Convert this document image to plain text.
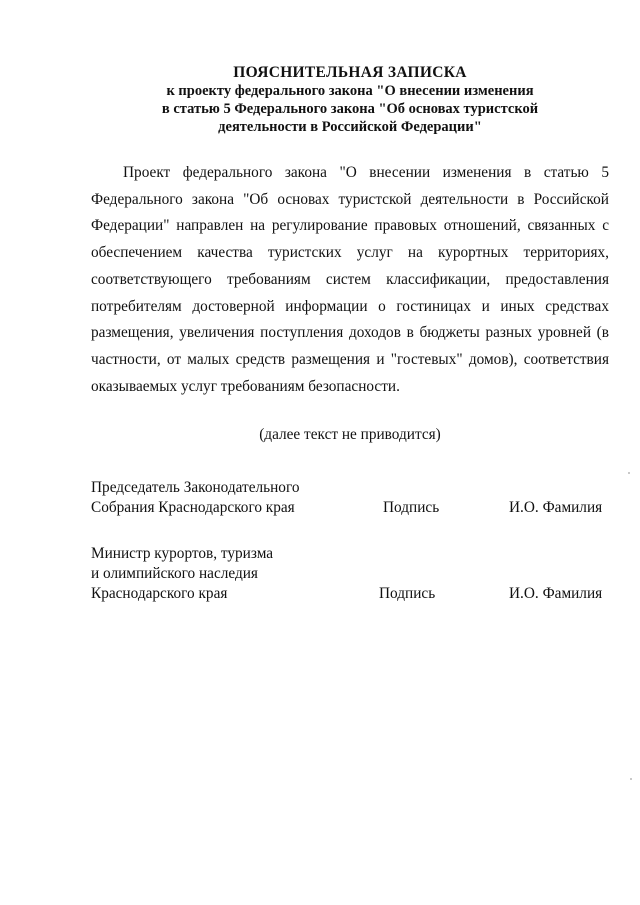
ПОЯСНИТЕЛЬНАЯ ЗАПИСКА
к проекту федерального закона "О внесении изменения
в статью 5 Федерального закона "Об основах туристской
деятельности в Российской Федерации"

Проект федерального закона "О внесении изменения в статью 5 Федерального закона "Об основах туристской деятельности в Российской Федерации" направлен на регулирование правовых отношений, связанных с обеспечением качества туристских услуг на курортных территориях, соответствующего требованиям систем классификации, предоставления потребителям достоверной информации о гостиницах и иных средствах размещения, увеличения поступления доходов в бюджеты разных уровней (в частности, от малых средств размещения и "гостевых" домов), соответствия оказываемых услуг требованиям безопасности.

(далее текст не приводится)
Председатель Законодательного
Собрания Краснодарского края	Подпись	И.О. Фамилия
Министр курортов, туризма
и олимпийского наследия
Краснодарского края	Подпись	И.О. Фамилия
